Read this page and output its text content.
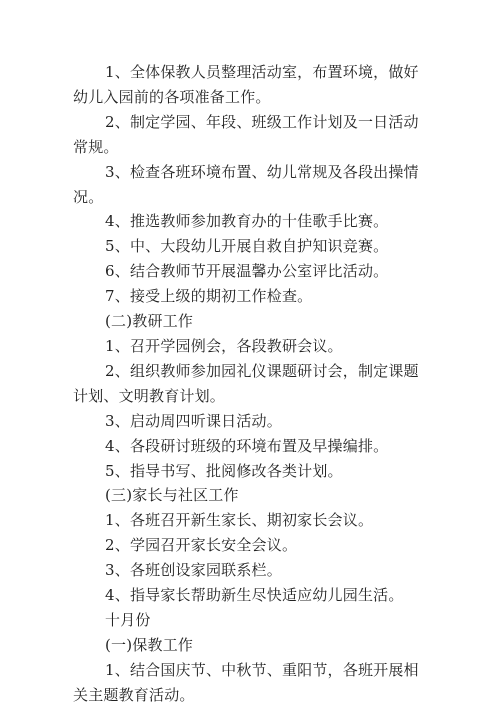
1、全体保教人员整理活动室，布置环境，做好幼儿入园前的各项准备工作。

2、制定学园、年段、班级工作计划及一日活动常规。

3、检查各班环境布置、幼儿常规及各段出操情况。

4、推选教师参加教育办的十佳歌手比赛。

5、中、大段幼儿开展自救自护知识竞赛。

6、结合教师节开展温馨办公室评比活动。

7、接受上级的期初工作检查。

(二)教研工作

1、召开学园例会，各段教研会议。

2、组织教师参加园礼仪课题研讨会，制定课题计划、文明教育计划。

3、启动周四听课日活动。

4、各段研讨班级的环境布置及早操编排。

5、指导书写、批阅修改各类计划。

(三)家长与社区工作

1、各班召开新生家长、期初家长会议。

2、学园召开家长安全会议。

3、各班创设家园联系栏。

4、指导家长帮助新生尽快适应幼儿园生活。

十月份

(一)保教工作

1、结合国庆节、中秋节、重阳节，各班开展相关主题教育活动。
